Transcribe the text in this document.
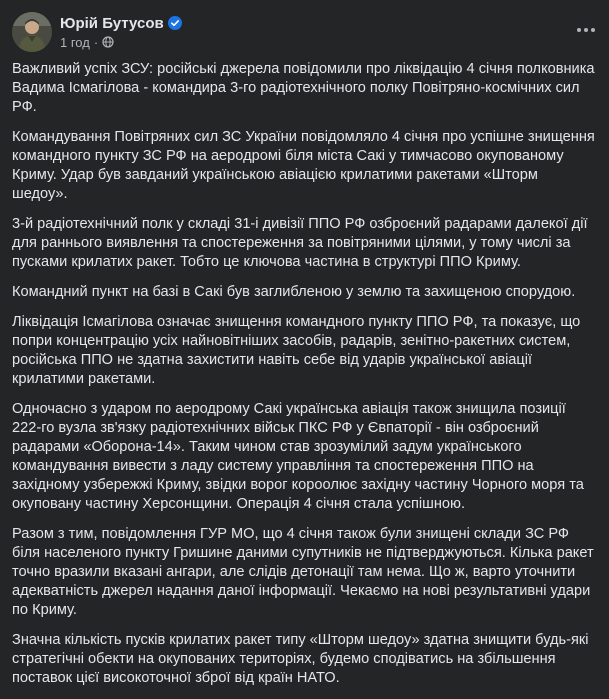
Юрій Бутусов
1 год ·

Важливий успіх ЗСУ: російські джерела повідомили про ліквідацію 4 січня полковника Вадима Ісмагілова - командира 3-го радіотехнічного полку Повітряно-космічних сил РФ.

Командування Повітряних сил ЗС України повідомляло 4 січня про успішне знищення командного пункту ЗС РФ на аеродромі біля міста Сакі у тимчасово окупованому Криму. Удар був завданий українською авіацією крилатими ракетами «Шторм шедоу».

3-й радіотехнічний полк у складі 31-і дивізії ППО РФ озброєний радарами далекої дії для раннього виявлення та спостереження за повітряними цілями, у тому числі за пусками крилатих ракет. Тобто це ключова частина в структурі ППО Криму.

Командний пункт на базі в Сакі був заглибленою у землю та захищеною спорудою.

Ліквідація Ісмагілова означає знищення командного пункту ППО РФ, та показує, що попри концентрацію усіх найновітніших засобів, радарів, зенітно-ракетних систем, російська ППО не здатна захистити навіть себе від ударів української авіації крилатими ракетами.

Одночасно з ударом по аеродрому Сакі українська авіація також знищила позиції 222-го вузла зв'язку радіотехнічних військ ПКС РФ у Євпаторії - він озброєний радарами «Оборона-14». Таким чином став зрозумілий задум українського командування вивести з ладу систему управління та спостереження ППО на західному узбережжі Криму, звідки ворог короолює західну частину Чорного моря та окуповану частину Херсонщини. Операція 4 січня стала успішною.

Разом з тим, повідомлення ГУР МО, що 4 січня також були знищені склади ЗС РФ біля населеного пункту Гришине даними супутників не підтверджуються. Кілька ракет точно вразили вказані ангари, але слідів детонації там нема. Що ж, варто уточнити адекватність джерел надання даної інформації. Чекаємо на нові результативні удари по Криму.

Значна кількість пусків крилатих ракет типу «Шторм шедоу» здатна знищити будь-які стратегічні обекти на окупованих територіях, будемо сподіватись на збільшення поставок цієї високоточної зброї від країн НАТО.
